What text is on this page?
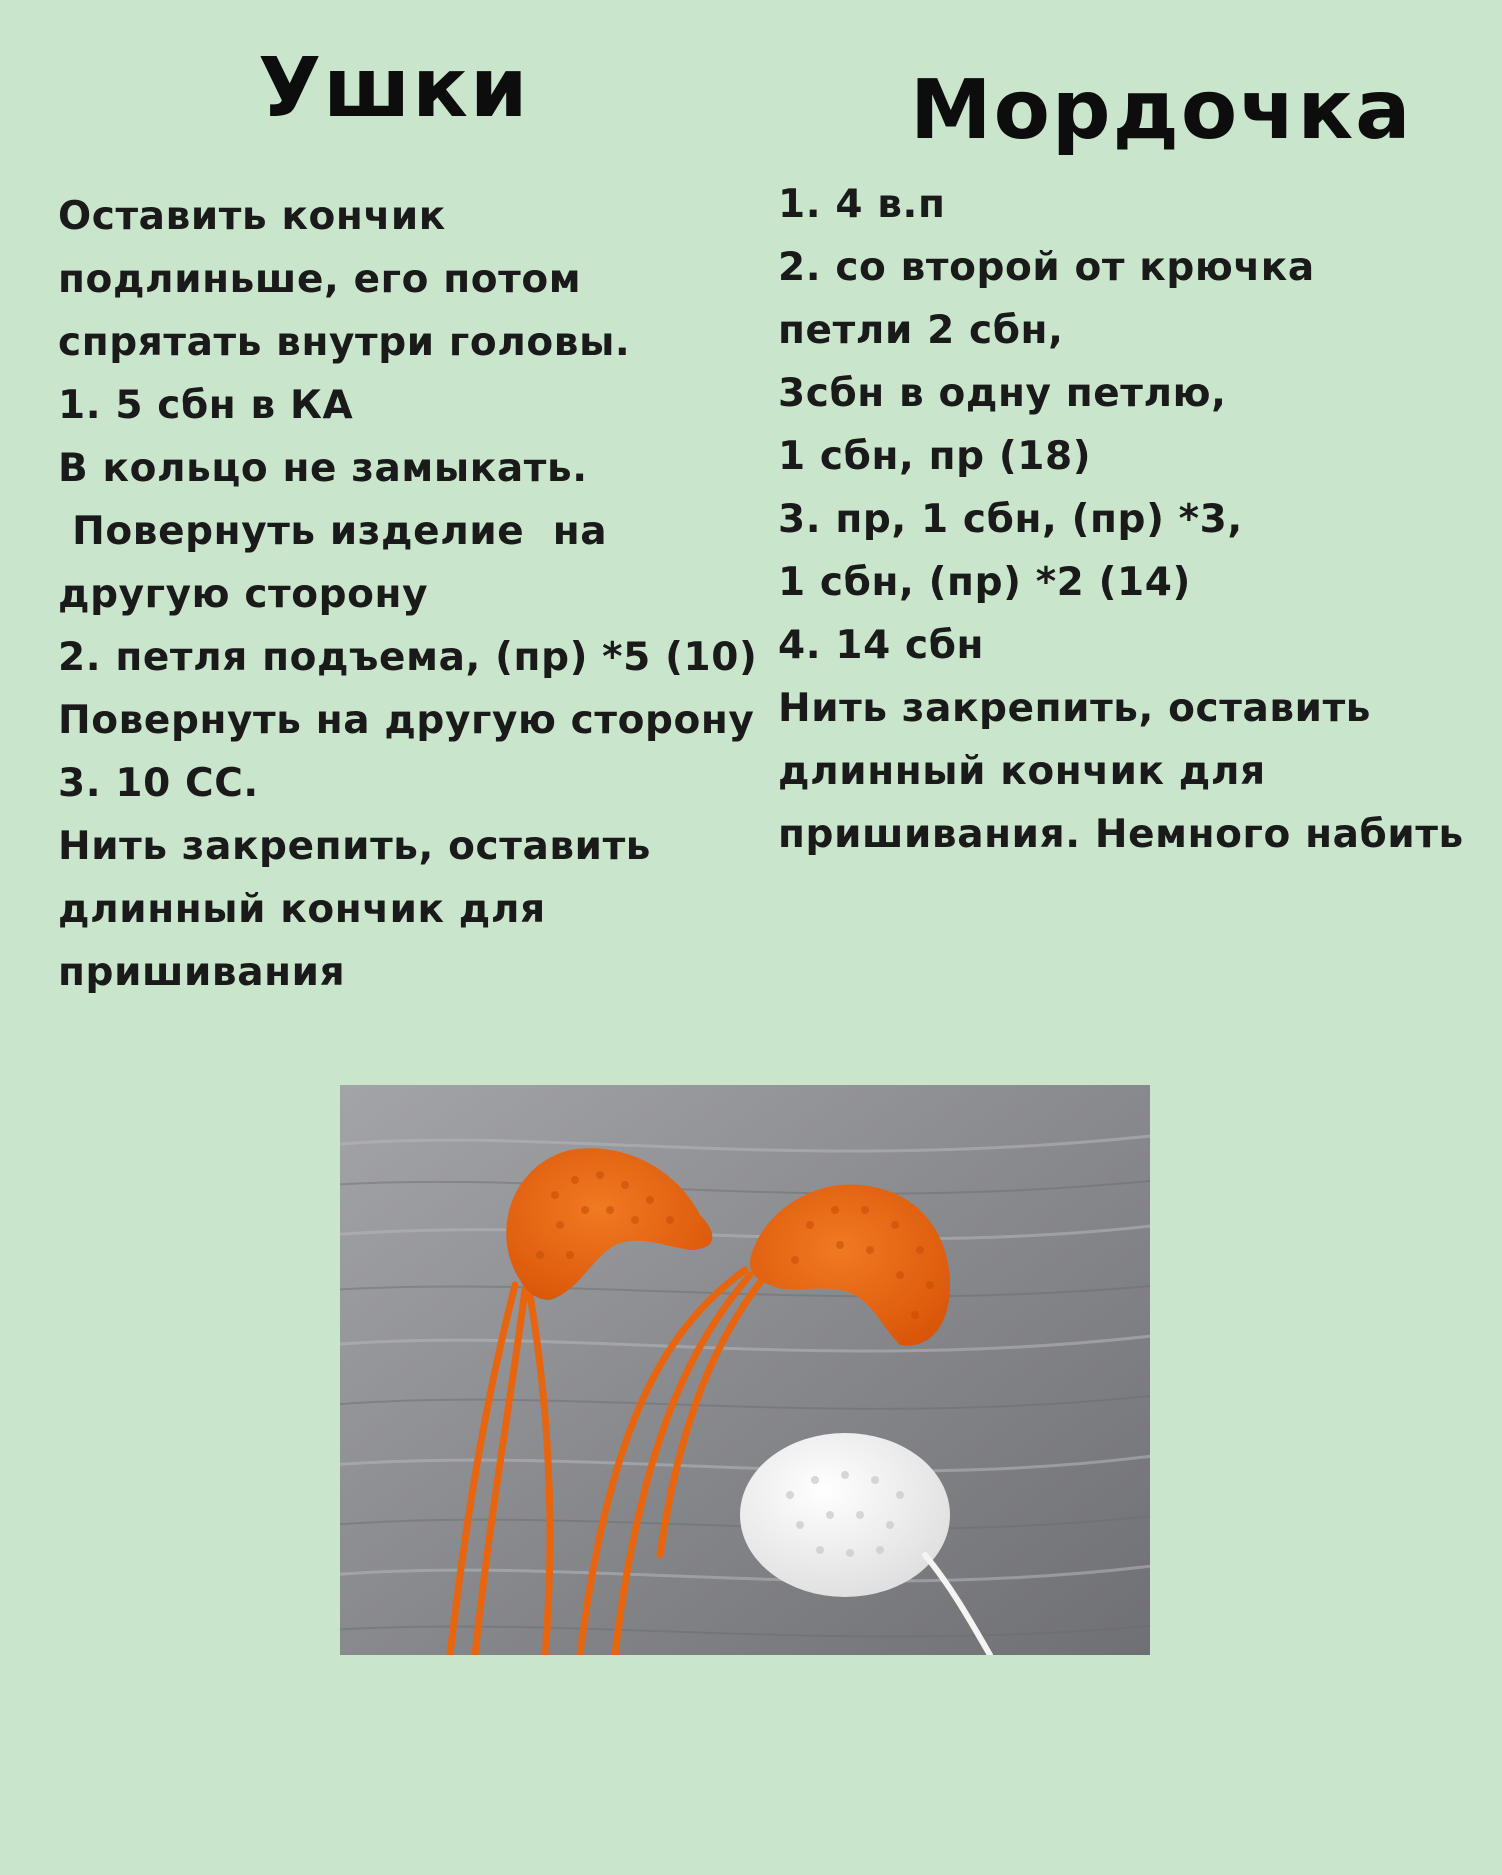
Ушки	Мордочка
Оставить кончик
подлиньше, его потом
спрятать внутри головы.
1. 5 сбн в КА
В кольцо не замыкать.
Повернуть изделие  на
другую сторону
2. петля подъема, (пр) *5 (10)
Повернуть на другую сторону
3. 10 СС.
Нить закрепить, оставить
длинный кончик для
пришивания
1. 4 в.п
2. со второй от крючка
петли 2 сбн,
3сбн в одну петлю,
1 сбн, пр (18)
3. пр, 1 сбн, (пр) *3,
1 сбн, (пр) *2 (14)
4. 14 сбн
Нить закрепить, оставить
длинный кончик для
пришивания. Немного набить
